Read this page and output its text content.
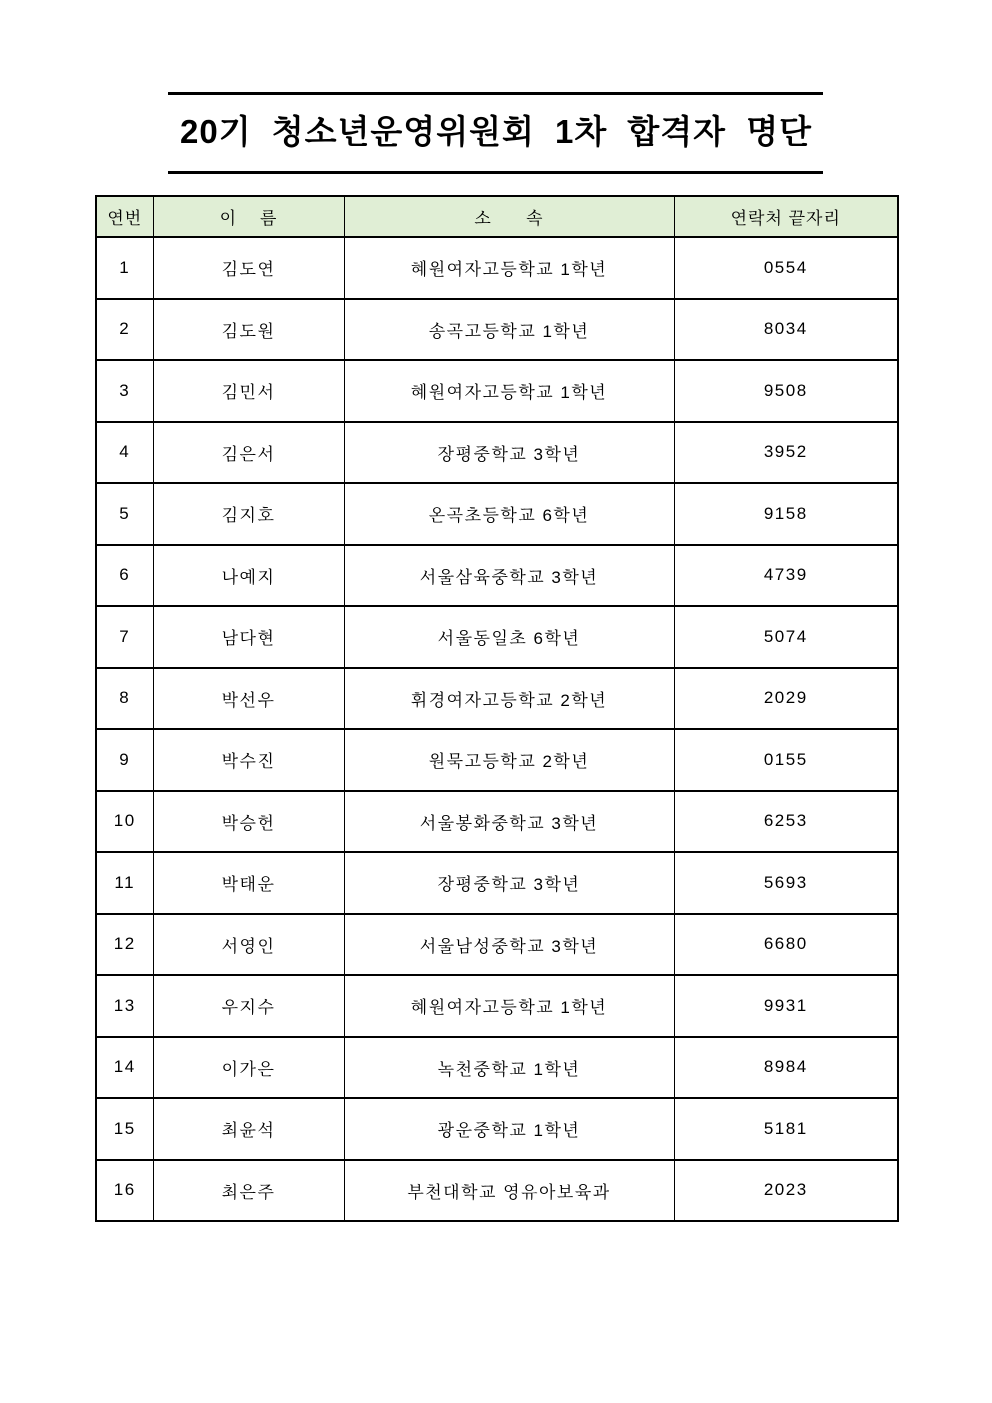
20기 청소년운영위원회 1차 합격자 명단
연번	이    름	소      속	연락처 끝자리
1	김도연	혜원여자고등학교 1학년	0554
2	김도원	송곡고등학교 1학년	8034
3	김민서	혜원여자고등학교 1학년	9508
4	김은서	장평중학교 3학년	3952
5	김지호	온곡초등학교 6학년	9158
6	나예지	서울삼육중학교 3학년	4739
7	남다현	서울동일초 6학년	5074
8	박선우	휘경여자고등학교 2학년	2029
9	박수진	원묵고등학교 2학년	0155
10	박승헌	서울봉화중학교 3학년	6253
11	박태운	장평중학교 3학년	5693
12	서영인	서울남성중학교 3학년	6680
13	우지수	혜원여자고등학교 1학년	9931
14	이가은	녹천중학교 1학년	8984
15	최윤석	광운중학교 1학년	5181
16	최은주	부천대학교 영유아보육과	2023
